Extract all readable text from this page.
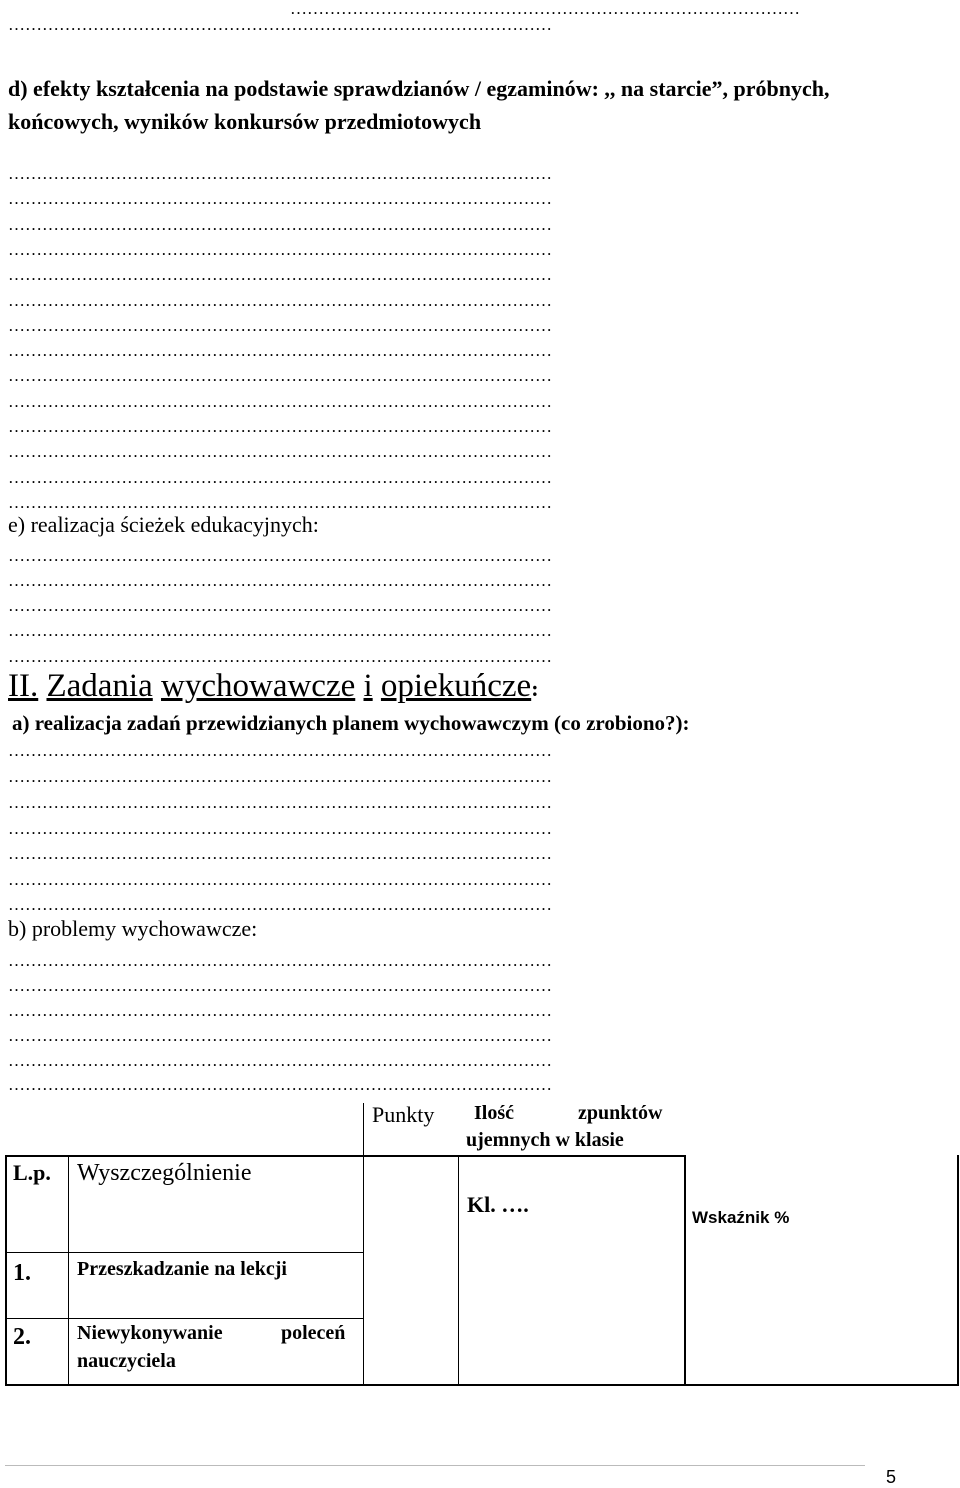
………………………………………………………………………………
……………………………………………………………………………………
d) efekty kształcenia na podstawie sprawdzianów / egzaminów: ,, na starcie”, próbnych, końcowych, wyników konkursów przedmiotowych
……………………………………………………………………………………
……………………………………………………………………………………
……………………………………………………………………………………
……………………………………………………………………………………
……………………………………………………………………………………
……………………………………………………………………………………
……………………………………………………………………………………
……………………………………………………………………………………
……………………………………………………………………………………
……………………………………………………………………………………
……………………………………………………………………………………
……………………………………………………………………………………
……………………………………………………………………………………
……………………………………………………………………………………
e) realizacja ścieżek edukacyjnych:
……………………………………………………………………………………
……………………………………………………………………………………
……………………………………………………………………………………
……………………………………………………………………………………
……………………………………………………………………………………
II. Zadania wychowawcze i opiekuńcze:
a) realizacja zadań przewidzianych planem wychowawczym (co zrobiono?):
……………………………………………………………………………………
……………………………………………………………………………………
……………………………………………………………………………………
……………………………………………………………………………………
……………………………………………………………………………………
……………………………………………………………………………………
……………………………………………………………………………………
b) problemy wychowawcze:
……………………………………………………………………………………
……………………………………………………………………………………
……………………………………………………………………………………
……………………………………………………………………………………
……………………………………………………………………………………
……………………………………………………………………………………
Punkty Ilość	zpunktów
ujemnych w klasie
L.p. Wyszczególnienie
Kl. ….
Wskaźnik %
1. Przeszkadzanie na lekcji
2. Niewykonywanie	poleceń
nauczyciela
5
